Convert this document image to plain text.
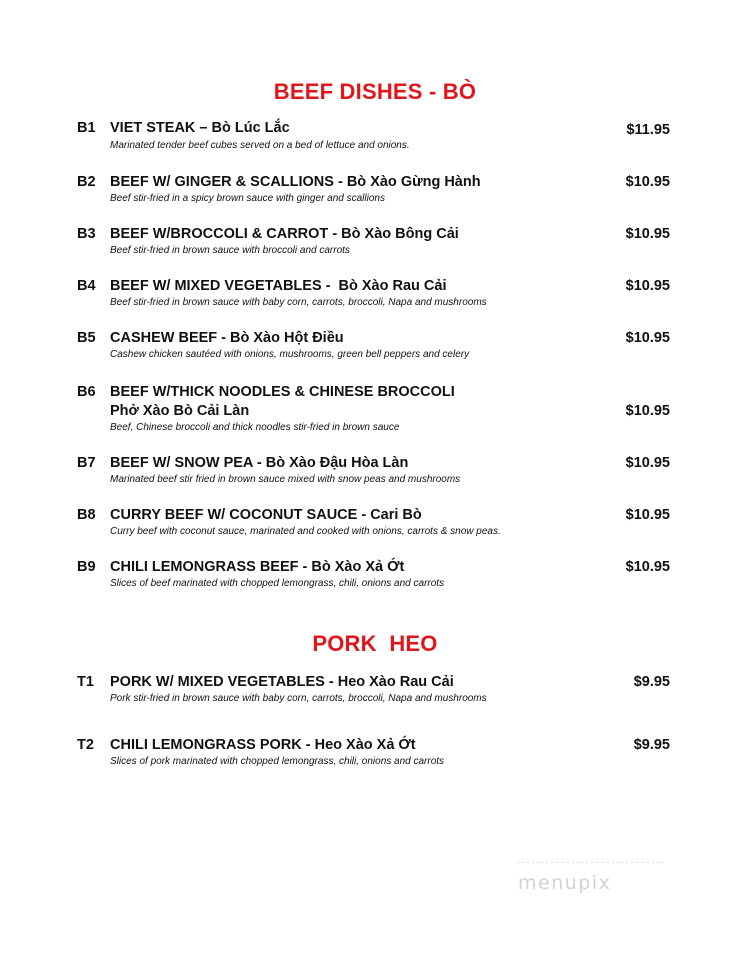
BEEF DISHES - BÒ
B1 VIET STEAK – Bò Lúc Lắc	$11.95
Marinated tender beef cubes served on a bed of lettuce and onions.
B2 BEEF W/ GINGER & SCALLIONS - Bò Xào Gừng Hành	$10.95
Beef stir-fried in a spicy brown sauce with ginger and scallions
B3 BEEF W/BROCCOLI & CARROT - Bò Xào Bông Cải	$10.95
Beef stir-fried in brown sauce with broccoli and carrots
B4 BEEF W/ MIXED VEGETABLES -  Bò Xào Rau Cải	$10.95
Beef stir-fried in brown sauce with baby corn, carrots, broccoli, Napa and mushrooms
B5 CASHEW BEEF - Bò Xào Hột Điều	$10.95
Cashew chicken sautéed with onions, mushrooms, green bell peppers and celery
B6 BEEF W/THICK NOODLES & CHINESE BROCCOLI
Phở Xào Bò Cải Làn	$10.95
Beef, Chinese broccoli and thick noodles stir-fried in brown sauce
B7 BEEF W/ SNOW PEA - Bò Xào Đậu Hòa Làn	$10.95
Marinated beef stir fried in brown sauce mixed with snow peas and mushrooms
B8 CURRY BEEF W/ COCONUT SAUCE - Cari Bò	$10.95
Curry beef with coconut sauce, marinated and cooked with onions, carrots & snow peas.
B9 CHILI LEMONGRASS BEEF - Bò Xào Xả Ớt	$10.95
Slices of beef marinated with chopped lemongrass, chili, onions and carrots
PORK  HEO
T1 PORK W/ MIXED VEGETABLES - Heo Xào Rau Cải	$9.95
Pork stir-fried in brown sauce with baby corn, carrots, broccoli, Napa and mushrooms
T2 CHILI LEMONGRASS PORK - Heo Xào Xả Ớt	$9.95
Slices of pork marinated with chopped lemongrass, chili, onions and carrots
menupix
